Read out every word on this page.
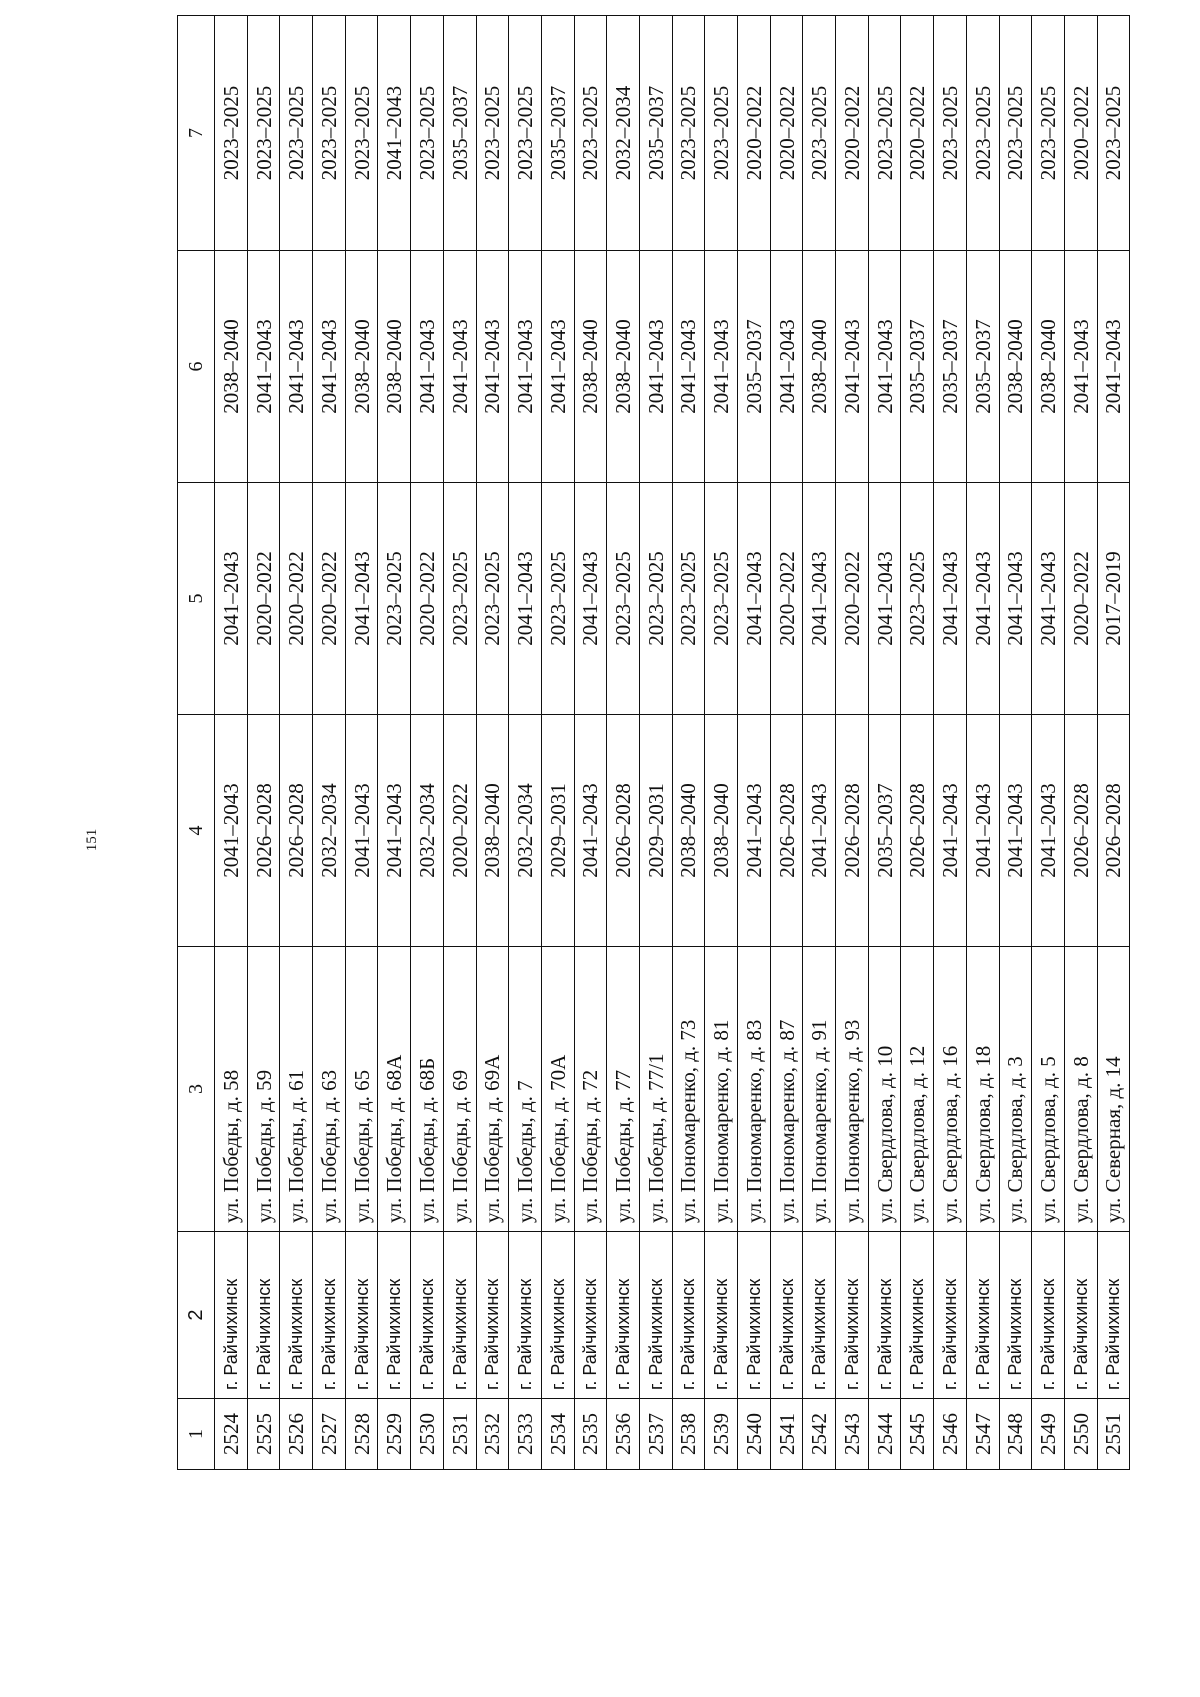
151
1	2	3	4	5	6	7
2524	г. Райчихинск	ул. Победы, д. 58	2041–2043	2041–2043	2038–2040	2023–2025
2525	г. Райчихинск	ул. Победы, д. 59	2026–2028	2020–2022	2041–2043	2023–2025
2526	г. Райчихинск	ул. Победы, д. 61	2026–2028	2020–2022	2041–2043	2023–2025
2527	г. Райчихинск	ул. Победы, д. 63	2032–2034	2020–2022	2041–2043	2023–2025
2528	г. Райчихинск	ул. Победы, д. 65	2041–2043	2041–2043	2038–2040	2023–2025
2529	г. Райчихинск	ул. Победы, д. 68А	2041–2043	2023–2025	2038–2040	2041–2043
2530	г. Райчихинск	ул. Победы, д. 68Б	2032–2034	2020–2022	2041–2043	2023–2025
2531	г. Райчихинск	ул. Победы, д. 69	2020–2022	2023–2025	2041–2043	2035–2037
2532	г. Райчихинск	ул. Победы, д. 69А	2038–2040	2023–2025	2041–2043	2023–2025
2533	г. Райчихинск	ул. Победы, д. 7	2032–2034	2041–2043	2041–2043	2023–2025
2534	г. Райчихинск	ул. Победы, д. 70А	2029–2031	2023–2025	2041–2043	2035–2037
2535	г. Райчихинск	ул. Победы, д. 72	2041–2043	2041–2043	2038–2040	2023–2025
2536	г. Райчихинск	ул. Победы, д. 77	2026–2028	2023–2025	2038–2040	2032–2034
2537	г. Райчихинск	ул. Победы, д. 77/1	2029–2031	2023–2025	2041–2043	2035–2037
2538	г. Райчихинск	ул. Пономаренко, д. 73	2038–2040	2023–2025	2041–2043	2023–2025
2539	г. Райчихинск	ул. Пономаренко, д. 81	2038–2040	2023–2025	2041–2043	2023–2025
2540	г. Райчихинск	ул. Пономаренко, д. 83	2041–2043	2041–2043	2035–2037	2020–2022
2541	г. Райчихинск	ул. Пономаренко, д. 87	2026–2028	2020–2022	2041–2043	2020–2022
2542	г. Райчихинск	ул. Пономаренко, д. 91	2041–2043	2041–2043	2038–2040	2023–2025
2543	г. Райчихинск	ул. Пономаренко, д. 93	2026–2028	2020–2022	2041–2043	2020–2022
2544	г. Райчихинск	ул. Свердлова, д. 10	2035–2037	2041–2043	2041–2043	2023–2025
2545	г. Райчихинск	ул. Свердлова, д. 12	2026–2028	2023–2025	2035–2037	2020–2022
2546	г. Райчихинск	ул. Свердлова, д. 16	2041–2043	2041–2043	2035–2037	2023–2025
2547	г. Райчихинск	ул. Свердлова, д. 18	2041–2043	2041–2043	2035–2037	2023–2025
2548	г. Райчихинск	ул. Свердлова, д. 3	2041–2043	2041–2043	2038–2040	2023–2025
2549	г. Райчихинск	ул. Свердлова, д. 5	2041–2043	2041–2043	2038–2040	2023–2025
2550	г. Райчихинск	ул. Свердлова, д. 8	2026–2028	2020–2022	2041–2043	2020–2022
2551	г. Райчихинск	ул. Северная, д. 14	2026–2028	2017–2019	2041–2043	2023–2025
